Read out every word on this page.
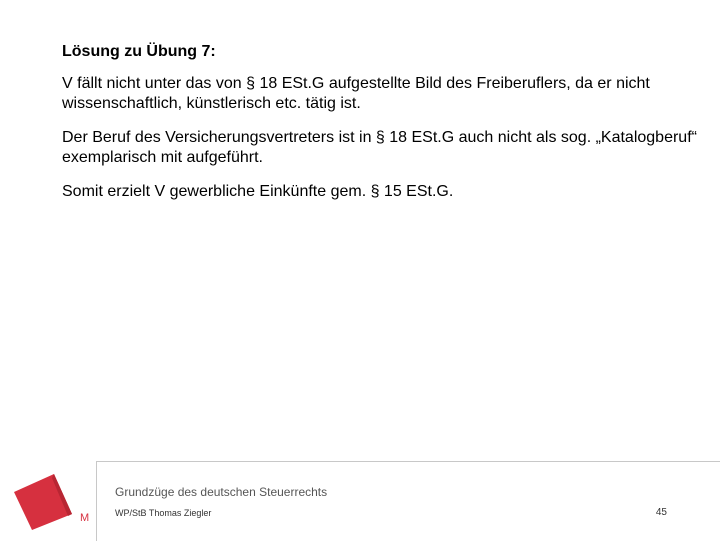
Lösung zu Übung 7:

V fällt nicht unter das von § 18 ESt.G aufgestellte Bild des Freiberuflers, da er nicht wissenschaftlich, künstlerisch etc. tätig ist.

Der Beruf des Versicherungsvertreters ist in § 18 ESt.G auch nicht als sog. „Katalogberuf“ exemplarisch mit aufgeführt.

Somit erzielt V gewerbliche Einkünfte gem. § 15 ESt.G.

M
Grundzüge des deutschen Steuerrechts
WP/StB Thomas Ziegler	45
